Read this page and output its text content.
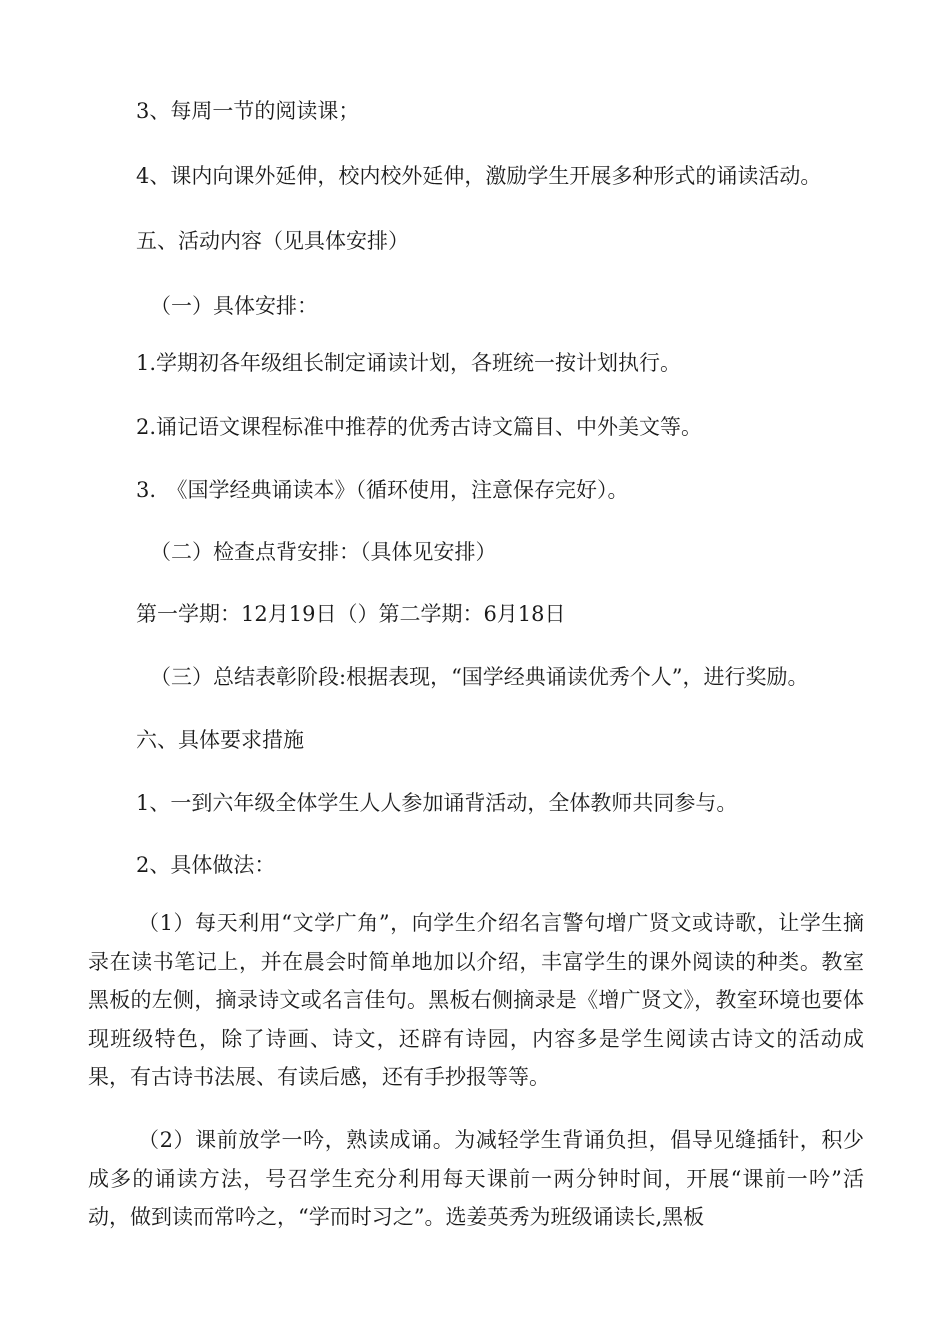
3、每周一节的阅读课；
4、课内向课外延伸，校内校外延伸，激励学生开展多种形式的诵读活动。
五、活动内容（见具体安排）
（一）具体安排：
1.学期初各年级组长制定诵读计划，各班统一按计划执行。
2.诵记语文课程标准中推荐的优秀古诗文篇目、中外美文等。
3.　《国学经典诵读本》（循环使用，注意保存完好）。
（二）检查点背安排：（具体见安排）
第一学期：12月19日（）第二学期：6月18日
（三）总结表彰阶段:根据表现，“国学经典诵读优秀个人”，进行奖励。
六、具体要求措施
1、一到六年级全体学生人人参加诵背活动，全体教师共同参与。
2、具体做法：
（1）每天利用“文学广角”，向学生介绍名言警句增广贤文或诗歌，让学生摘录在读书笔记上，并在晨会时简单地加以介绍，丰富学生的课外阅读的种类。教室黑板的左侧，摘录诗文或名言佳句。黑板右侧摘录是《增广贤文》，教室环境也要体现班级特色，除了诗画、诗文，还辟有诗园，内容多是学生阅读古诗文的活动成果，有古诗书法展、有读后感，还有手抄报等等。
（2）课前放学一吟，熟读成诵。为减轻学生背诵负担，倡导见缝插针，积少成多的诵读方法，号召学生充分利用每天课前一两分钟时间，开展“课前一吟”活动，做到读而常吟之，“学而时习之”。选姜英秀为班级诵读长,黑板
